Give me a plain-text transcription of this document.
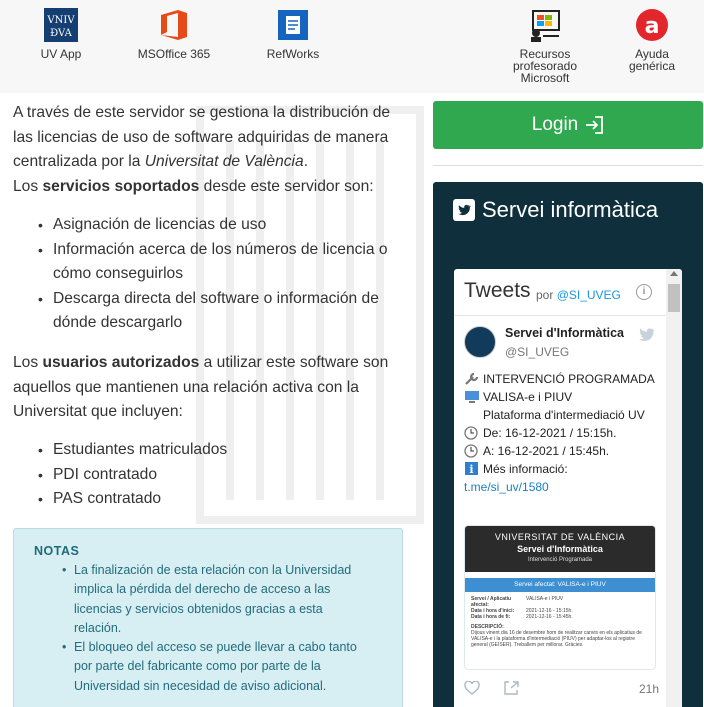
VNIV
ĐVA
UV App	MSOffice 365	RefWorks	Recursos
profesorado
Microsoft
a
Ayuda
genérica
A través de este servidor se gestiona la distribución de las licencias de uso de software adquiridas de manera centralizada por la Universitat de València.
Los servicios soportados desde este servidor son:
• Asignación de licencias de uso
• Información acerca de los números de licencia o cómo conseguirlos
• Descarga directa del software o información de dónde descargarlo
Los usuarios autorizados a utilizar este software son aquellos que mantienen una relación activa con la Universitat que incluyen:
• Estudiantes matriculados
• PDI contratado
• PAS contratado
NOTAS
• La finalización de esta relación con la Universidad implica la pérdida del derecho de acceso a las licencias y servicios obtenidos gracias a esta relación.
• El bloqueo del acceso se puede llevar a cabo tanto por parte del fabricante como por parte de la Universidad sin necesidad de aviso adicional.
Login
Servei informàtica
Tweets por @SI_UVEG	i
Servei d'Informàtica
@SI_UVEG
INTERVENCIÓ PROGRAMADA
VALISA-e i PIUV
Plataforma d'intermediació UV
De: 16-12-2021 / 15:15h.
A: 16-12-2021 / 15:45h.
i Més informació:
t.me/si_uv/1580
VNIVERSITAT DE VALÈNCIA
Servei d'Informàtica
Intervenció Programada
Servei afectat: VALISA-e i PIUV
Servei / Aplicatiu afectat:
VALISA-e i PIUV
Data i hora d'inici:	2021-12-16 - 15:15h.
Data i hora de fi:	2021-12-16 - 15:45h.
DESCRIPCIÓ:
Dijous vinent dia 16 de desembre hom de realitzar canvis en els aplicatius de VALISA-e i la plataforma d'intermediació (PIUV) per adaptar-los al registre general (GEISER). Treballem per millorar. Gràcies.
21h
